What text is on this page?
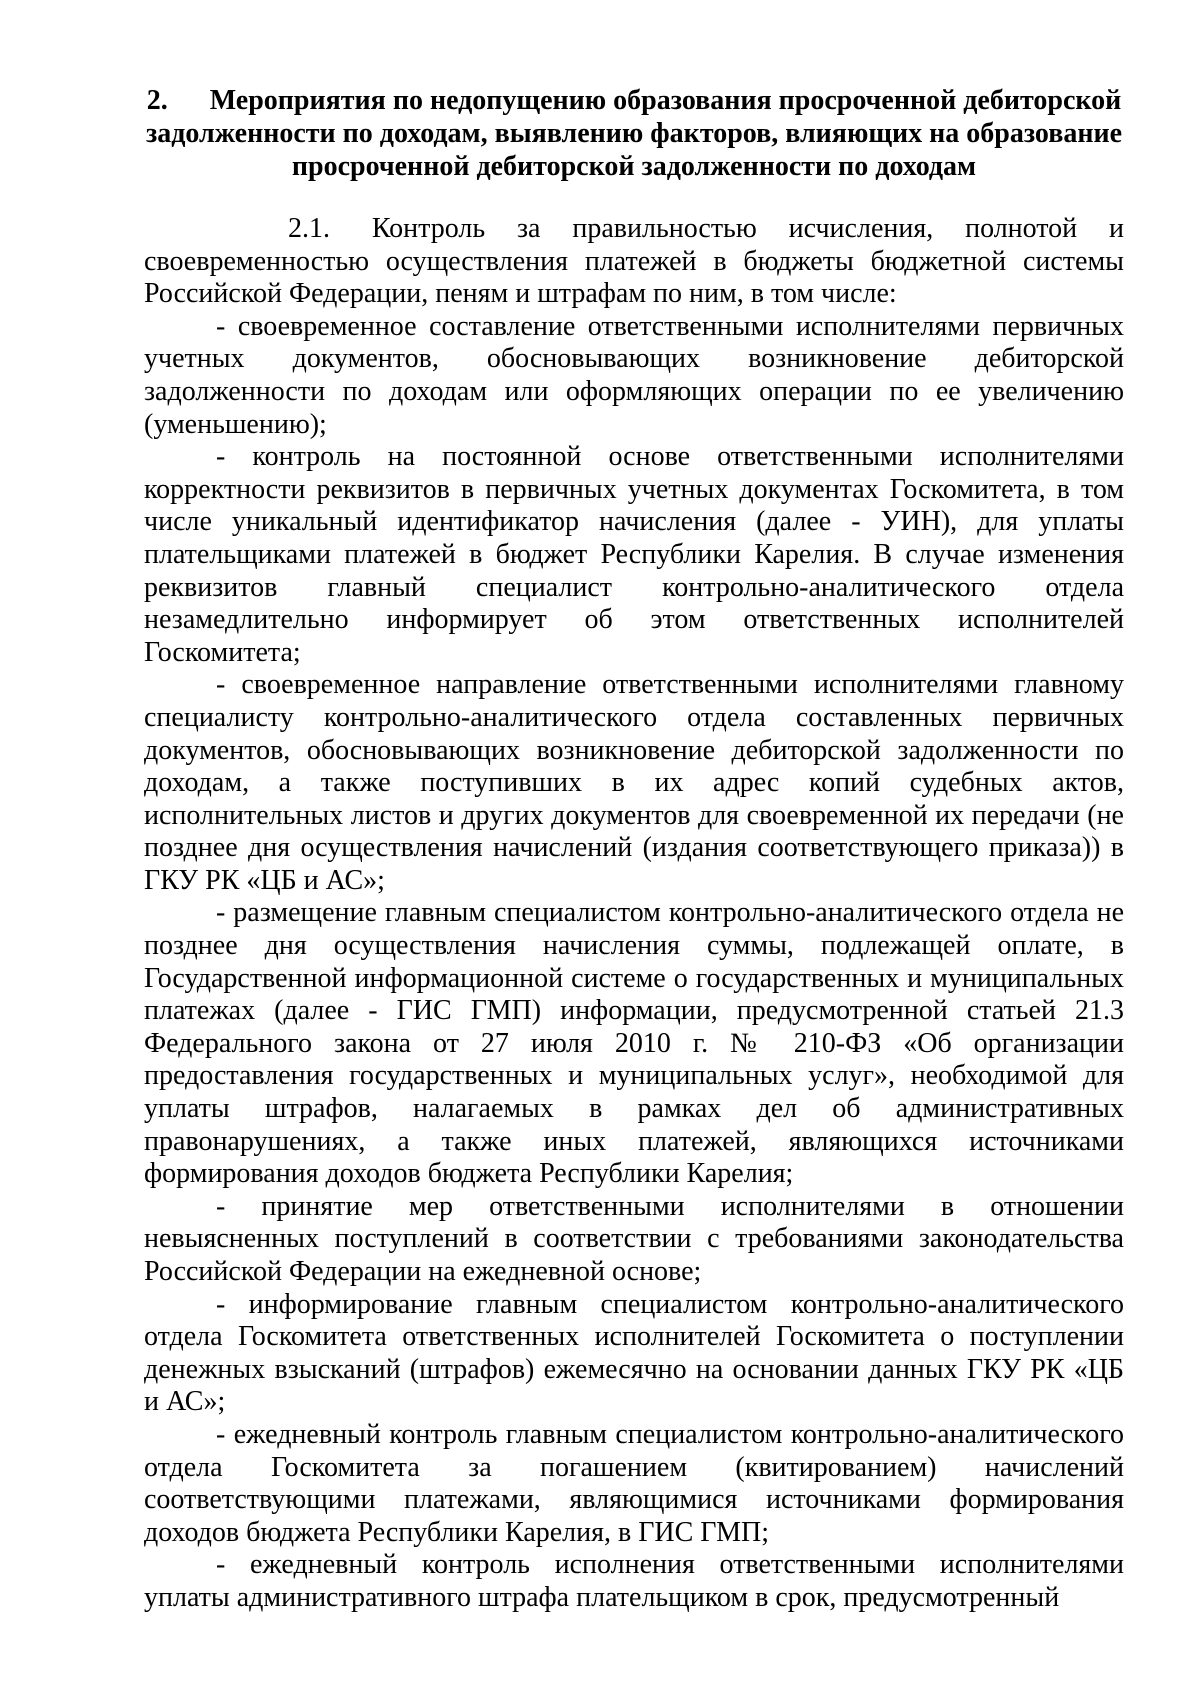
2. Мероприятия по недопущению образования просроченной дебиторской задолженности по доходам, выявлению факторов, влияющих на образование просроченной дебиторской задолженности по доходам

2.1. Контроль за правильностью исчисления, полнотой и своевременностью осуществления платежей в бюджеты бюджетной системы Российской Федерации, пеням и штрафам по ним, в том числе:

- своевременное составление ответственными исполнителями первичных учетных документов, обосновывающих возникновение дебиторской задолженности по доходам или оформляющих операции по ее увеличению (уменьшению);

- контроль на постоянной основе ответственными исполнителями корректности реквизитов в первичных учетных документах Госкомитета, в том числе уникальный идентификатор начисления (далее - УИН), для уплаты плательщиками платежей в бюджет Республики Карелия. В случае изменения реквизитов главный специалист контрольно-аналитического отдела незамедлительно информирует об этом ответственных исполнителей Госкомитета;

- своевременное направление ответственными исполнителями главному специалисту контрольно-аналитического отдела составленных первичных документов, обосновывающих возникновение дебиторской задолженности по доходам, а также поступивших в их адрес копий судебных актов, исполнительных листов и других документов для своевременной их передачи (не позднее дня осуществления начислений (издания соответствующего приказа)) в ГКУ РК «ЦБ и АС»;

- размещение главным специалистом контрольно-аналитического отдела не позднее дня осуществления начисления суммы, подлежащей оплате, в Государственной информационной системе о государственных и муниципальных платежах (далее - ГИС ГМП) информации, предусмотренной статьей 21.3 Федерального закона от 27 июля 2010 г. № 210-ФЗ «Об организации предоставления государственных и муниципальных услуг», необходимой для уплаты штрафов, налагаемых в рамках дел об административных правонарушениях, а также иных платежей, являющихся источниками формирования доходов бюджета Республики Карелия;

- принятие мер ответственными исполнителями в отношении невыясненных поступлений в соответствии с требованиями законодательства Российской Федерации на ежедневной основе;

- информирование главным специалистом контрольно-аналитического отдела Госкомитета ответственных исполнителей Госкомитета о поступлении денежных взысканий (штрафов) ежемесячно на основании данных ГКУ РК «ЦБ и АС»;

- ежедневный контроль главным специалистом контрольно-аналитического отдела Госкомитета за погашением (квитированием) начислений соответствующими платежами, являющимися источниками формирования доходов бюджета Республики Карелия, в ГИС ГМП;

- ежедневный контроль исполнения ответственными исполнителями уплаты административного штрафа плательщиком в срок, предусмотренный
